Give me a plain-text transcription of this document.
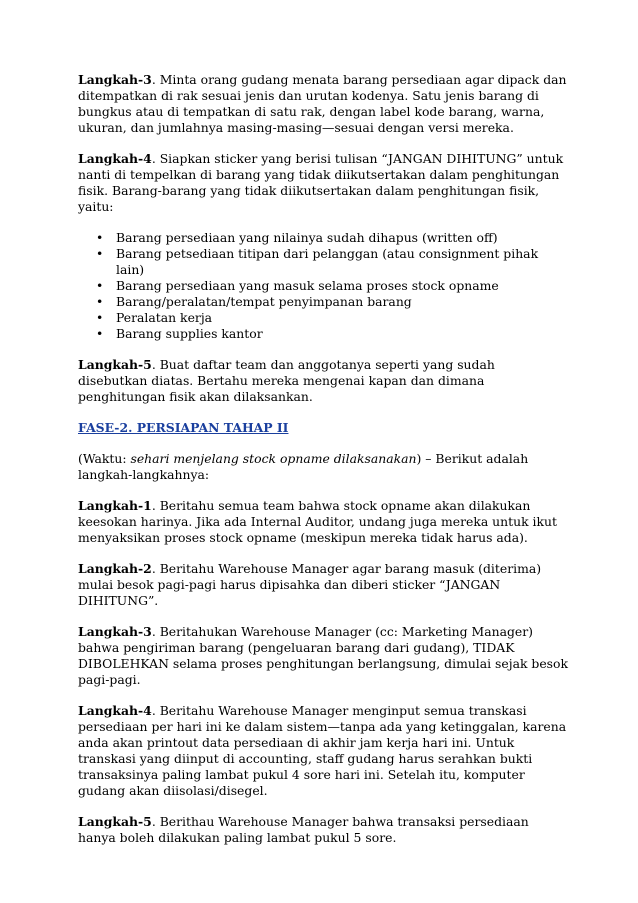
Langkah-3. Minta orang gudang menata barang persediaan agar dipack dan ditempatkan di rak sesuai jenis dan urutan kodenya. Satu jenis barang di bungkus atau di tempatkan di satu rak, dengan label kode barang, warna, ukuran, dan jumlahnya masing-masing—sesuai dengan versi mereka.

Langkah-4. Siapkan sticker yang berisi tulisan “JANGAN DIHITUNG” untuk nanti di tempelkan di barang yang tidak diikutsertakan dalam penghitungan fisik. Barang-barang yang tidak diikutsertakan dalam penghitungan fisik, yaitu:

• Barang persediaan yang nilainya sudah dihapus (written off)
• Barang petsediaan titipan dari pelanggan (atau consignment pihak lain)
• Barang persediaan yang masuk selama proses stock opname
• Barang/peralatan/tempat penyimpanan barang
• Peralatan kerja
• Barang supplies kantor

Langkah-5. Buat daftar team dan anggotanya seperti yang sudah disebutkan diatas. Bertahu mereka mengenai kapan dan dimana penghitungan fisik akan dilaksankan.

FASE-2. PERSIAPAN TAHAP II

(Waktu: sehari menjelang stock opname dilaksanakan) – Berikut adalah langkah-langkahnya:

Langkah-1. Beritahu semua team bahwa stock opname akan dilakukan keesokan harinya. Jika ada Internal Auditor, undang juga mereka untuk ikut menyaksikan proses stock opname (meskipun mereka tidak harus ada).

Langkah-2. Beritahu Warehouse Manager agar barang masuk (diterima) mulai besok pagi-pagi harus dipisahka dan diberi sticker “JANGAN DIHITUNG”.

Langkah-3. Beritahukan Warehouse Manager (cc: Marketing Manager) bahwa pengiriman barang (pengeluaran barang dari gudang), TIDAK DIBOLEHKAN selama proses penghitungan berlangsung, dimulai sejak besok pagi-pagi.

Langkah-4. Beritahu Warehouse Manager menginput semua transkasi persediaan per hari ini ke dalam sistem—tanpa ada yang ketinggalan, karena anda akan printout data persediaan di akhir jam kerja hari ini. Untuk transkasi yang diinput di accounting, staff gudang harus serahkan bukti transaksinya paling lambat pukul 4 sore hari ini. Setelah itu, komputer gudang akan diisolasi/disegel.

Langkah-5. Berithau Warehouse Manager bahwa transaksi persediaan hanya boleh dilakukan paling lambat pukul 5 sore.
